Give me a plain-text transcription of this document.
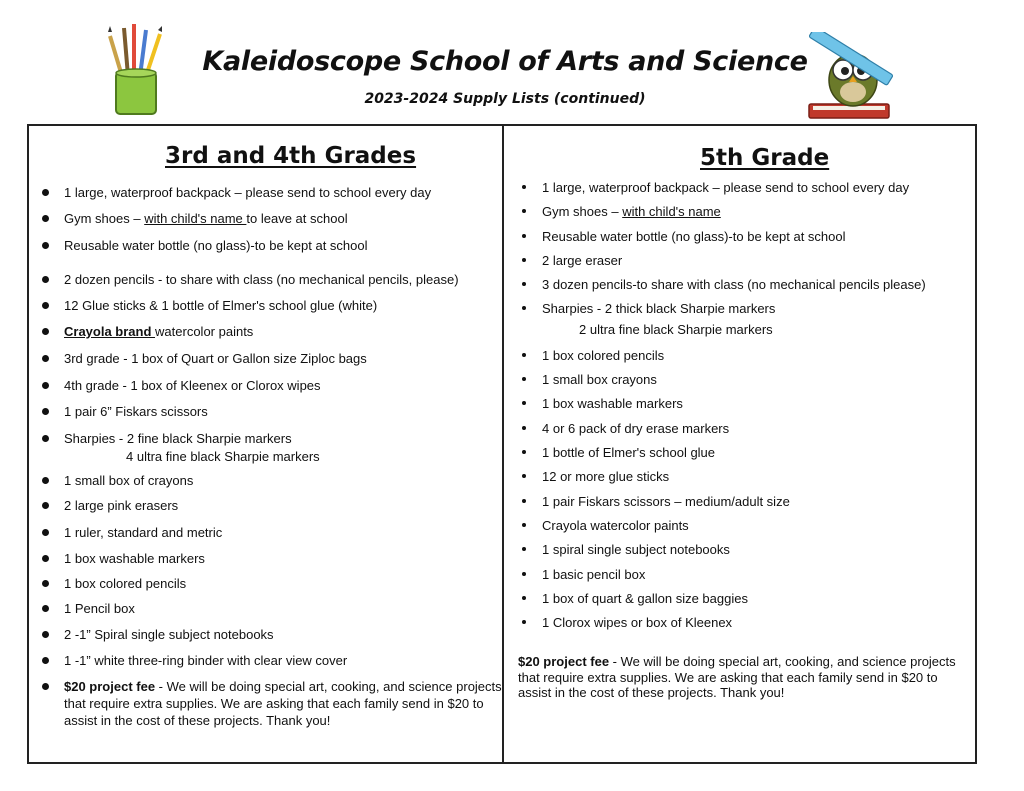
Kaleidoscope School of Arts and Science
2023-2024 Supply Lists (continued)
3rd and 4th Grades	5th Grade
1 large, waterproof backpack – please send to school every day
Gym shoes – with child's name to leave at school
Reusable water bottle (no glass)-to be kept at school
2 dozen pencils - to share with class (no mechanical pencils, please)
12 Glue sticks & 1 bottle of Elmer's school glue (white)
Crayola brand watercolor paints
3rd grade - 1 box of Quart or Gallon size Ziploc bags
4th grade - 1 box of Kleenex or Clorox wipes
1 pair 6” Fiskars scissors
Sharpies - 2 fine black Sharpie markers
4 ultra fine black Sharpie markers
1 small box of crayons
2 large pink erasers
1 ruler, standard and metric
1 box washable markers
1 box colored pencils
1 Pencil box
2 -1” Spiral single subject notebooks
1 -1” white three-ring binder with clear view cover
$20 project fee - We will be doing special art, cooking, and science projects that require extra supplies. We are asking that each family send in $20 to assist in the cost of these projects. Thank you!
1 large, waterproof backpack – please send to school every day
Gym shoes – with child's name
Reusable water bottle (no glass)-to be kept at school
2 large eraser
3 dozen pencils-to share with class (no mechanical pencils please)
Sharpies - 2 thick black Sharpie markers
1 box colored pencils
1 small box crayons
1 box washable markers
4 or 6 pack of dry erase markers
1 bottle of Elmer's school glue
12 or more glue sticks
1 pair Fiskars scissors – medium/adult size
Crayola watercolor paints
1 spiral single subject notebooks
1 basic pencil box
1 box of quart & gallon size baggies
1 Clorox wipes or box of Kleenex
2 ultra fine black Sharpie markers
$20 project fee - We will be doing special art, cooking, and science projects that require extra supplies. We are asking that each family send in $20 to assist in the cost of these projects. Thank you!
